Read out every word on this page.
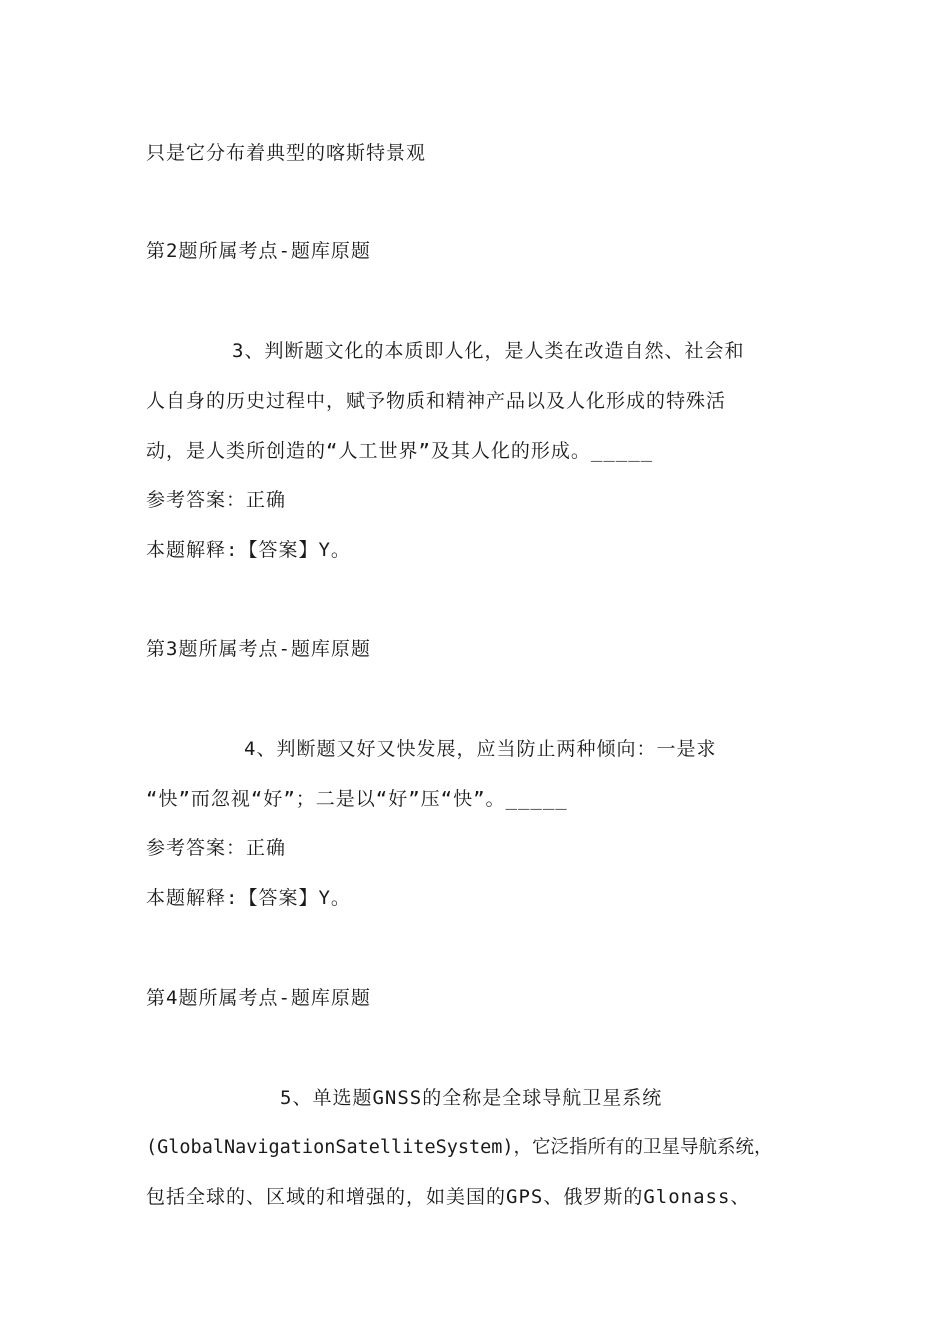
只是它分布着典型的喀斯特景观
第2题所属考点-题库原题
3、判断题文化的本质即人化，是人类在改造自然、社会和
人自身的历史过程中，赋予物质和精神产品以及人化形成的特殊活
动，是人类所创造的“人工世界”及其人化的形成。_____
参考答案：正确
本题解释:【答案】Y。
第3题所属考点-题库原题
4、判断题又好又快发展，应当防止两种倾向：一是求
“快”而忽视“好”；二是以“好”压“快”。_____
参考答案：正确
本题解释:【答案】Y。
第4题所属考点-题库原题
5、单选题GNSS的全称是全球导航卫星系统
(GlobalNavigationSatelliteSystem)，它泛指所有的卫星导航系统，
包括全球的、区域的和增强的，如美国的GPS、俄罗斯的Glonass、
